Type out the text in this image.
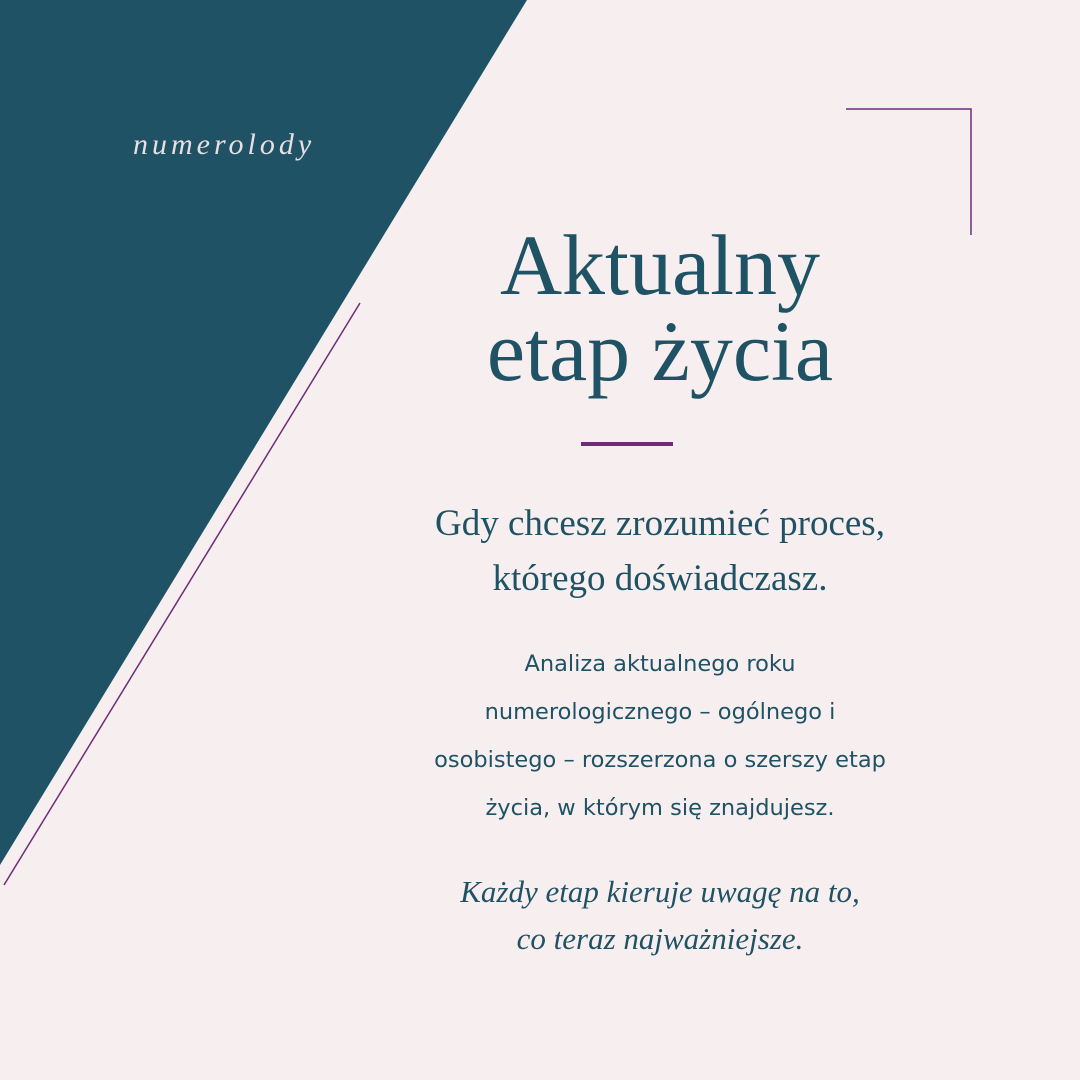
numerolody
Aktualny
etap życia
Gdy chcesz zrozumieć proces,
którego doświadczasz.
Analiza aktualnego roku
numerologicznego – ogólnego i
osobistego – rozszerzona o szerszy etap
życia, w którym się znajdujesz.
Każdy etap kieruje uwagę na to,
co teraz najważniejsze.
